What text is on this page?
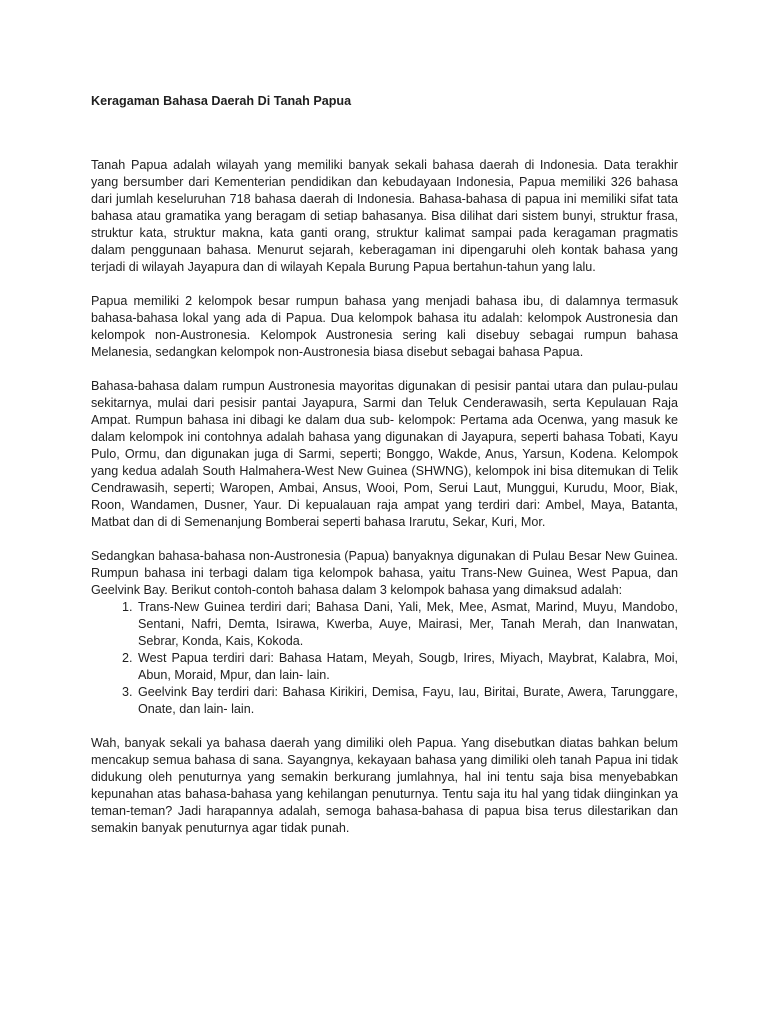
Keragaman Bahasa Daerah Di Tanah Papua

Tanah Papua adalah wilayah yang memiliki banyak sekali bahasa daerah di Indonesia. Data terakhir yang bersumber dari Kementerian pendidikan dan kebudayaan Indonesia, Papua memiliki 326 bahasa dari jumlah keseluruhan 718 bahasa daerah di Indonesia. Bahasa-bahasa di papua ini memiliki sifat tata bahasa atau gramatika yang beragam di setiap bahasanya. Bisa dilihat dari sistem bunyi, struktur frasa, struktur kata, struktur makna, kata ganti orang, struktur kalimat sampai pada keragaman pragmatis dalam penggunaan bahasa. Menurut sejarah, keberagaman ini dipengaruhi oleh kontak bahasa yang terjadi di wilayah Jayapura dan di wilayah Kepala Burung Papua bertahun-tahun yang lalu.

Papua memiliki 2 kelompok besar rumpun bahasa yang menjadi bahasa ibu, di dalamnya termasuk bahasa-bahasa lokal yang ada di Papua. Dua kelompok bahasa itu adalah: kelompok Austronesia dan kelompok non-Austronesia. Kelompok Austronesia sering kali disebuy sebagai rumpun bahasa Melanesia, sedangkan kelompok non-Austronesia biasa disebut sebagai bahasa Papua.

Bahasa-bahasa dalam rumpun Austronesia mayoritas digunakan di pesisir pantai utara dan pulau-pulau sekitarnya, mulai dari pesisir pantai Jayapura, Sarmi dan Teluk Cenderawasih, serta Kepulauan Raja Ampat. Rumpun bahasa ini dibagi ke dalam dua sub- kelompok: Pertama ada Ocenwa, yang masuk ke dalam kelompok ini contohnya adalah bahasa yang digunakan di Jayapura, seperti bahasa Tobati, Kayu Pulo, Ormu, dan digunakan juga di Sarmi, seperti; Bonggo, Wakde, Anus, Yarsun, Kodena. Kelompok yang kedua adalah South Halmahera-West New Guinea (SHWNG), kelompok ini bisa ditemukan di Telik Cendrawasih, seperti; Waropen, Ambai, Ansus, Wooi, Pom, Serui Laut, Munggui, Kurudu, Moor, Biak, Roon, Wandamen, Dusner, Yaur. Di kepualauan raja ampat yang terdiri dari: Ambel, Maya, Batanta, Matbat dan di di Semenanjung Bomberai seperti bahasa Irarutu, Sekar, Kuri, Mor.

Sedangkan bahasa-bahasa non-Austronesia (Papua) banyaknya digunakan di Pulau Besar New Guinea. Rumpun bahasa ini terbagi dalam tiga kelompok bahasa, yaitu Trans-New Guinea, West Papua, dan Geelvink Bay. Berikut contoh-contoh bahasa dalam 3 kelompok bahasa yang dimaksud adalah:

1. Trans-New Guinea terdiri dari; Bahasa Dani, Yali, Mek, Mee, Asmat, Marind, Muyu, Mandobo, Sentani, Nafri, Demta, Isirawa, Kwerba, Auye, Mairasi, Mer, Tanah Merah, dan Inanwatan, Sebrar, Konda, Kais, Kokoda.
2. West Papua terdiri dari: Bahasa Hatam, Meyah, Sougb, Irires, Miyach, Maybrat, Kalabra, Moi, Abun, Moraid, Mpur, dan lain- lain.
3. Geelvink Bay terdiri dari: Bahasa Kirikiri, Demisa, Fayu, Iau, Biritai, Burate, Awera, Tarunggare, Onate, dan lain- lain.

Wah, banyak sekali ya bahasa daerah yang dimiliki oleh Papua. Yang disebutkan diatas bahkan belum mencakup semua bahasa di sana. Sayangnya, kekayaan bahasa yang dimiliki oleh tanah Papua ini tidak didukung oleh penuturnya yang semakin berkurang jumlahnya, hal ini tentu saja bisa menyebabkan kepunahan atas bahasa-bahasa yang kehilangan penuturnya. Tentu saja itu hal yang tidak diinginkan ya teman-teman? Jadi harapannya adalah, semoga bahasa-bahasa di papua bisa terus dilestarikan dan semakin banyak penuturnya agar tidak punah.
